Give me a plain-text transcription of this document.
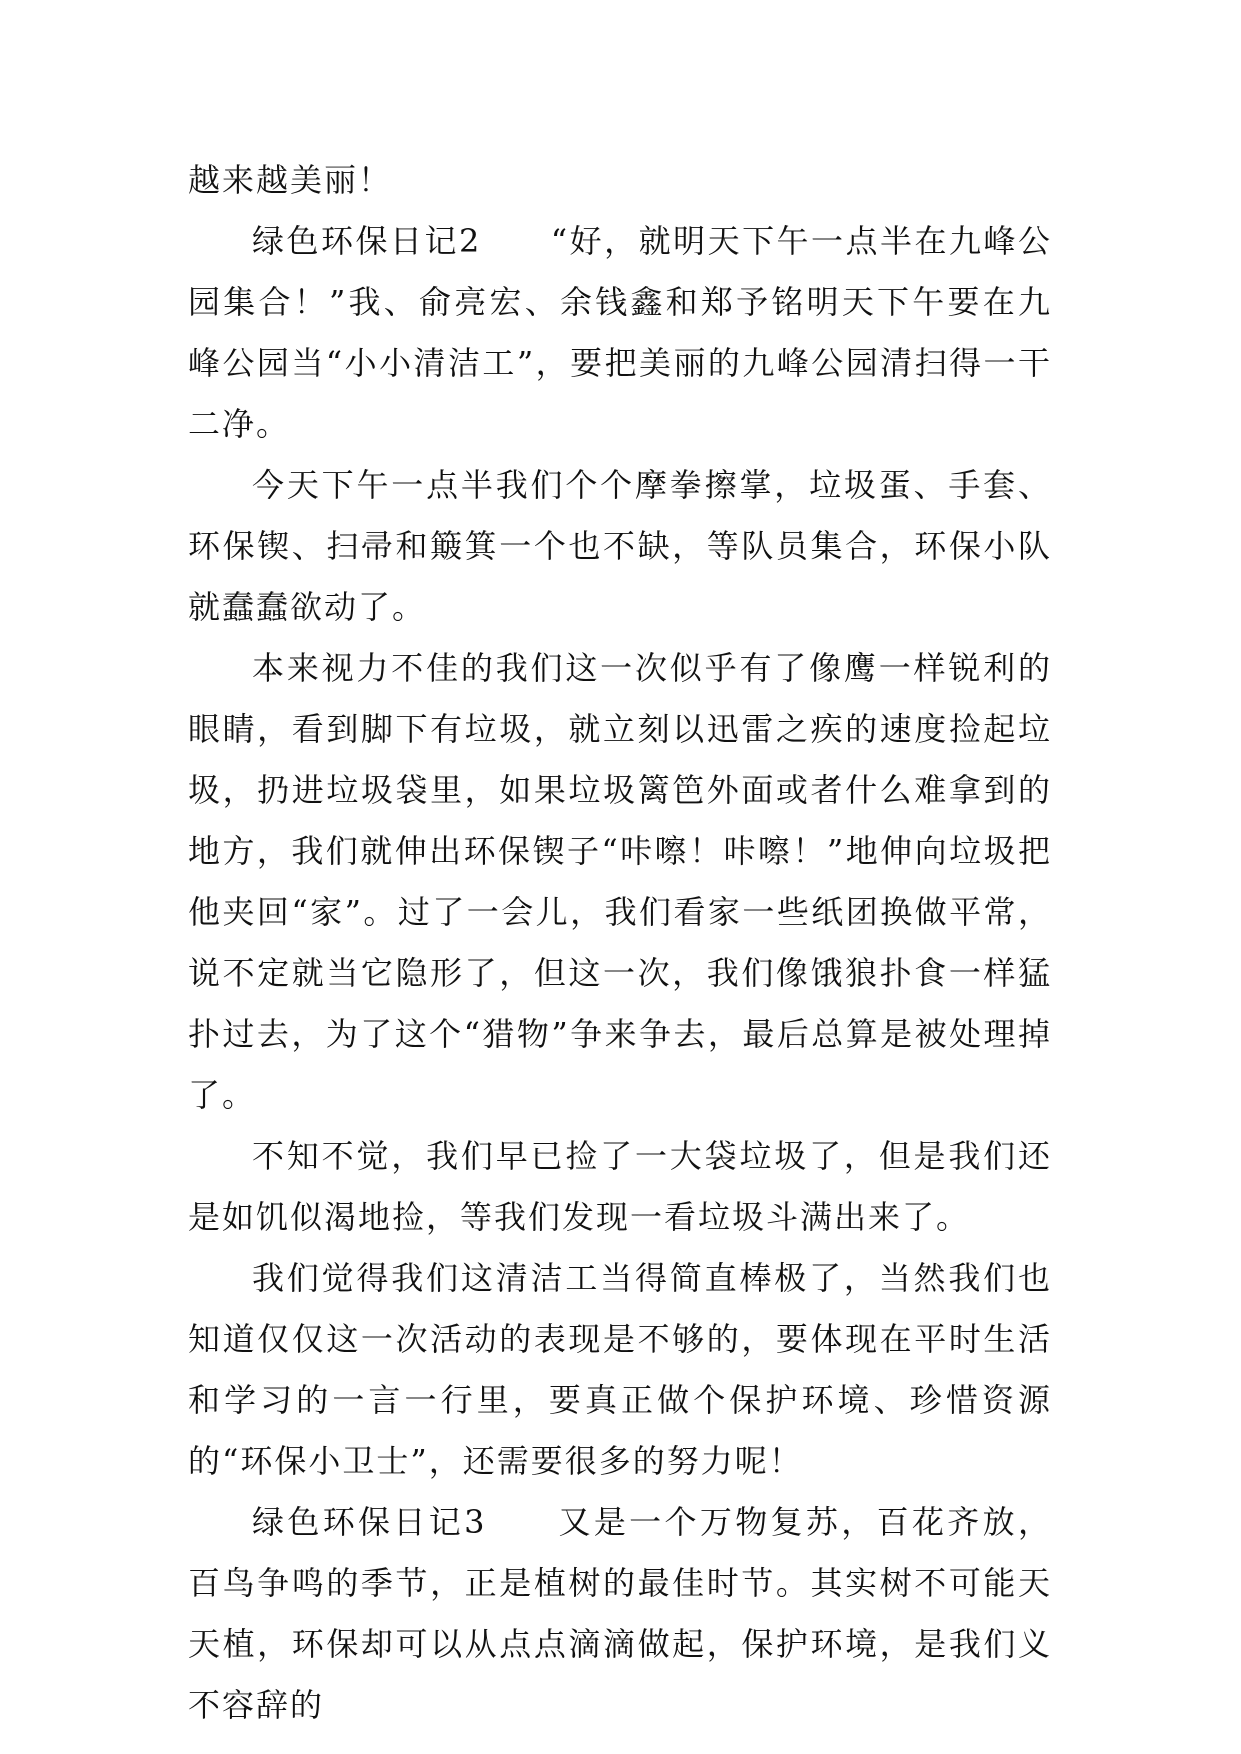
越来越美丽！

绿色环保日记2　　“好，就明天下午一点半在九峰公园集合！”我、俞亮宏、余钱鑫和郑予铭明天下午要在九峰公园当“小小清洁工”，要把美丽的九峰公园清扫得一干二净。

今天下午一点半我们个个摩拳擦掌，垃圾蛋、手套、环保锲、扫帚和簸箕一个也不缺，等队员集合，环保小队就蠢蠢欲动了。

本来视力不佳的我们这一次似乎有了像鹰一样锐利的眼睛，看到脚下有垃圾，就立刻以迅雷之疾的速度捡起垃圾，扔进垃圾袋里，如果垃圾篱笆外面或者什么难拿到的地方，我们就伸出环保锲子“咔嚓！咔嚓！”地伸向垃圾把他夹回“家”。过了一会儿，我们看家一些纸团换做平常，说不定就当它隐形了，但这一次，我们像饿狼扑食一样猛扑过去，为了这个“猎物”争来争去，最后总算是被处理掉了。

不知不觉，我们早已捡了一大袋垃圾了，但是我们还是如饥似渴地捡，等我们发现一看垃圾斗满出来了。

我们觉得我们这清洁工当得简直棒极了，当然我们也知道仅仅这一次活动的表现是不够的，要体现在平时生活和学习的一言一行里，要真正做个保护环境、珍惜资源的“环保小卫士”，还需要很多的努力呢！

绿色环保日记3　　又是一个万物复苏，百花齐放，百鸟争鸣的季节，正是植树的最佳时节。其实树不可能天天植，环保却可以从点点滴滴做起，保护环境，是我们义不容辞的
